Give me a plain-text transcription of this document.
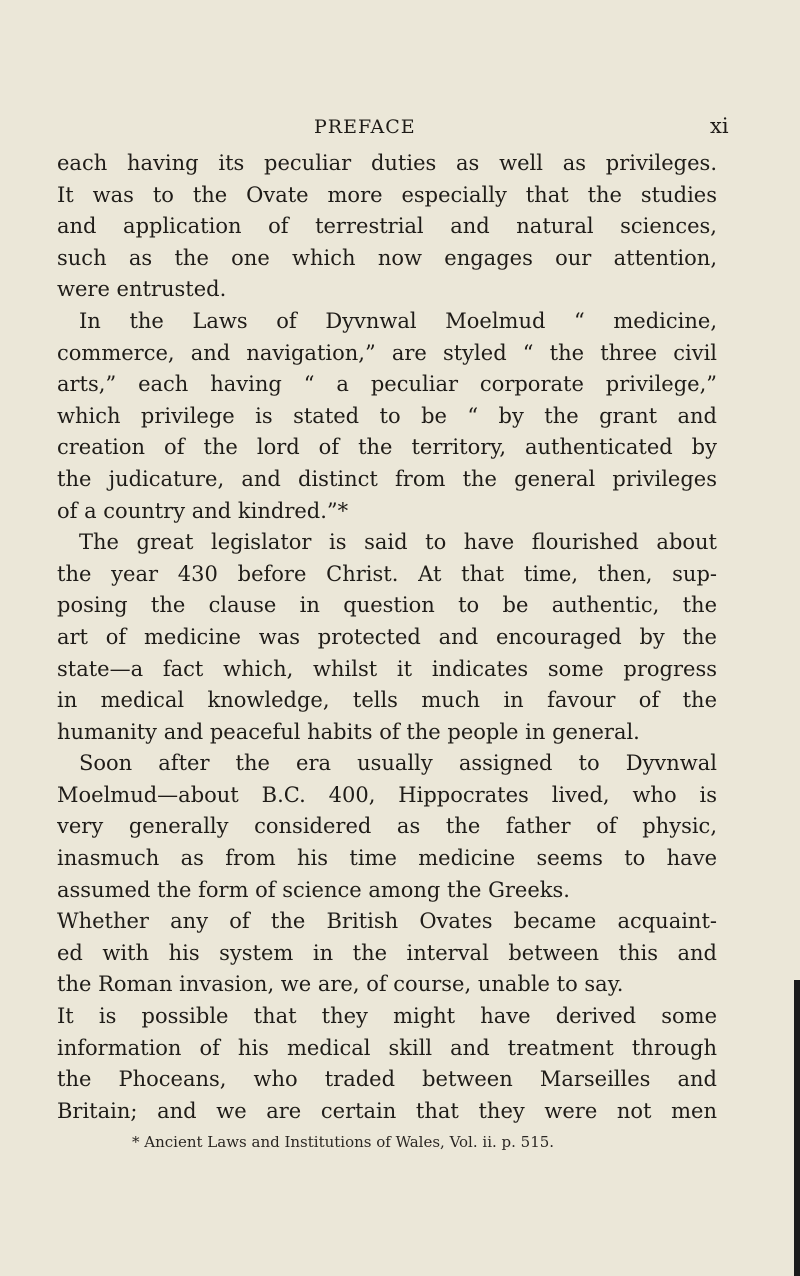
PREFACE	xi
each having its peculiar duties as well as privileges.
It was to the Ovate more especially that the studies
and application of terrestrial and natural sciences,
such as the one which now engages our attention,
were entrusted.
In the Laws of Dyvnwal Moelmud “ medicine,
commerce, and navigation,” are styled “ the three civil
arts,” each having “ a peculiar corporate privilege,”
which privilege is stated to be “ by the grant and
creation of the lord of the territory, authenticated by
the judicature, and distinct from the general privileges
of a country and kindred.”*
The great legislator is said to have flourished about
the year 430 before Christ. At that time, then, sup-
posing the clause in question to be authentic, the
art of medicine was protected and encouraged by the
state—a fact which, whilst it indicates some progress
in medical knowledge, tells much in favour of the
humanity and peaceful habits of the people in general.
Soon after the era usually assigned to Dyvnwal
Moelmud—about B.C. 400, Hippocrates lived, who is
very generally considered as the father of physic,
inasmuch as from his time medicine seems to have
assumed the form of science among the Greeks.
Whether any of the British Ovates became acquaint-
ed with his system in the interval between this and
the Roman invasion, we are, of course, unable to say.
It is possible that they might have derived some
information of his medical skill and treatment through
the Phoceans, who traded between Marseilles and
Britain; and we are certain that they were not men
* Ancient Laws and Institutions of Wales, Vol. ii. p. 515.
